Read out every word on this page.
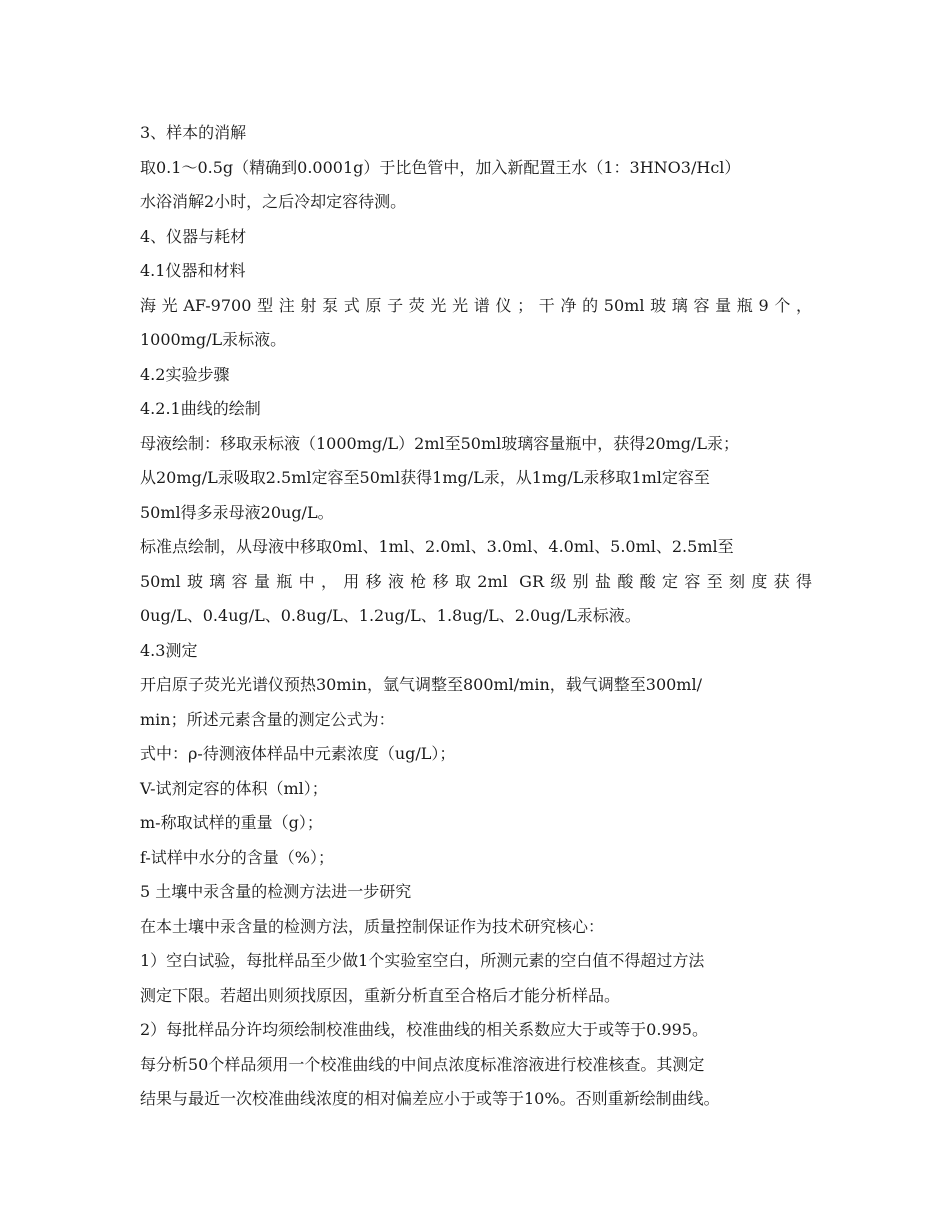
3、样本的消解
取0.1～0.5g（精确到0.0001g）于比色管中，加入新配置王水（1：3HNO3/Hcl）
水浴消解2小时，之后冷却定容待测。
4、仪器与耗材
4.1仪器和材料
海光AF-9700型注射泵式原子荧光光谱仪；干净的50ml玻璃容量瓶9个，
1000mg/L汞标液。
4.2实验步骤
4.2.1曲线的绘制
母液绘制：移取汞标液（1000mg/L）2ml至50ml玻璃容量瓶中，获得20mg/L汞；
从20mg/L汞吸取2.5ml定容至50ml获得1mg/L汞，从1mg/L汞移取1ml定容至
50ml得多汞母液20ug/L。
标准点绘制，从母液中移取0ml、1ml、2.0ml、3.0ml、4.0ml、5.0ml、2.5ml至
50ml玻璃容量瓶中，用移液枪移取2ml GR级别盐酸酸定容至刻度获得
0ug/L、0.4ug/L、0.8ug/L、1.2ug/L、1.8ug/L、2.0ug/L汞标液。
4.3测定
开启原子荧光光谱仪预热30min，氩气调整至800ml/min，载气调整至300ml/
min；所述元素含量的测定公式为：
式中：ρ-待测液体样品中元素浓度（ug/L）；
V-试剂定容的体积（ml）；
m-称取试样的重量（g）；
f-试样中水分的含量（%）；
5 土壤中汞含量的检测方法进一步研究
在本土壤中汞含量的检测方法，质量控制保证作为技术研究核心：
1）空白试验，每批样品至少做1个实验室空白，所测元素的空白值不得超过方法
测定下限。若超出则须找原因，重新分析直至合格后才能分析样品。
2）每批样品分许均须绘制校准曲线，校准曲线的相关系数应大于或等于0.995。
每分析50个样品须用一个校准曲线的中间点浓度标准溶液进行校准核查。其测定
结果与最近一次校准曲线浓度的相对偏差应小于或等于10%。否则重新绘制曲线。
